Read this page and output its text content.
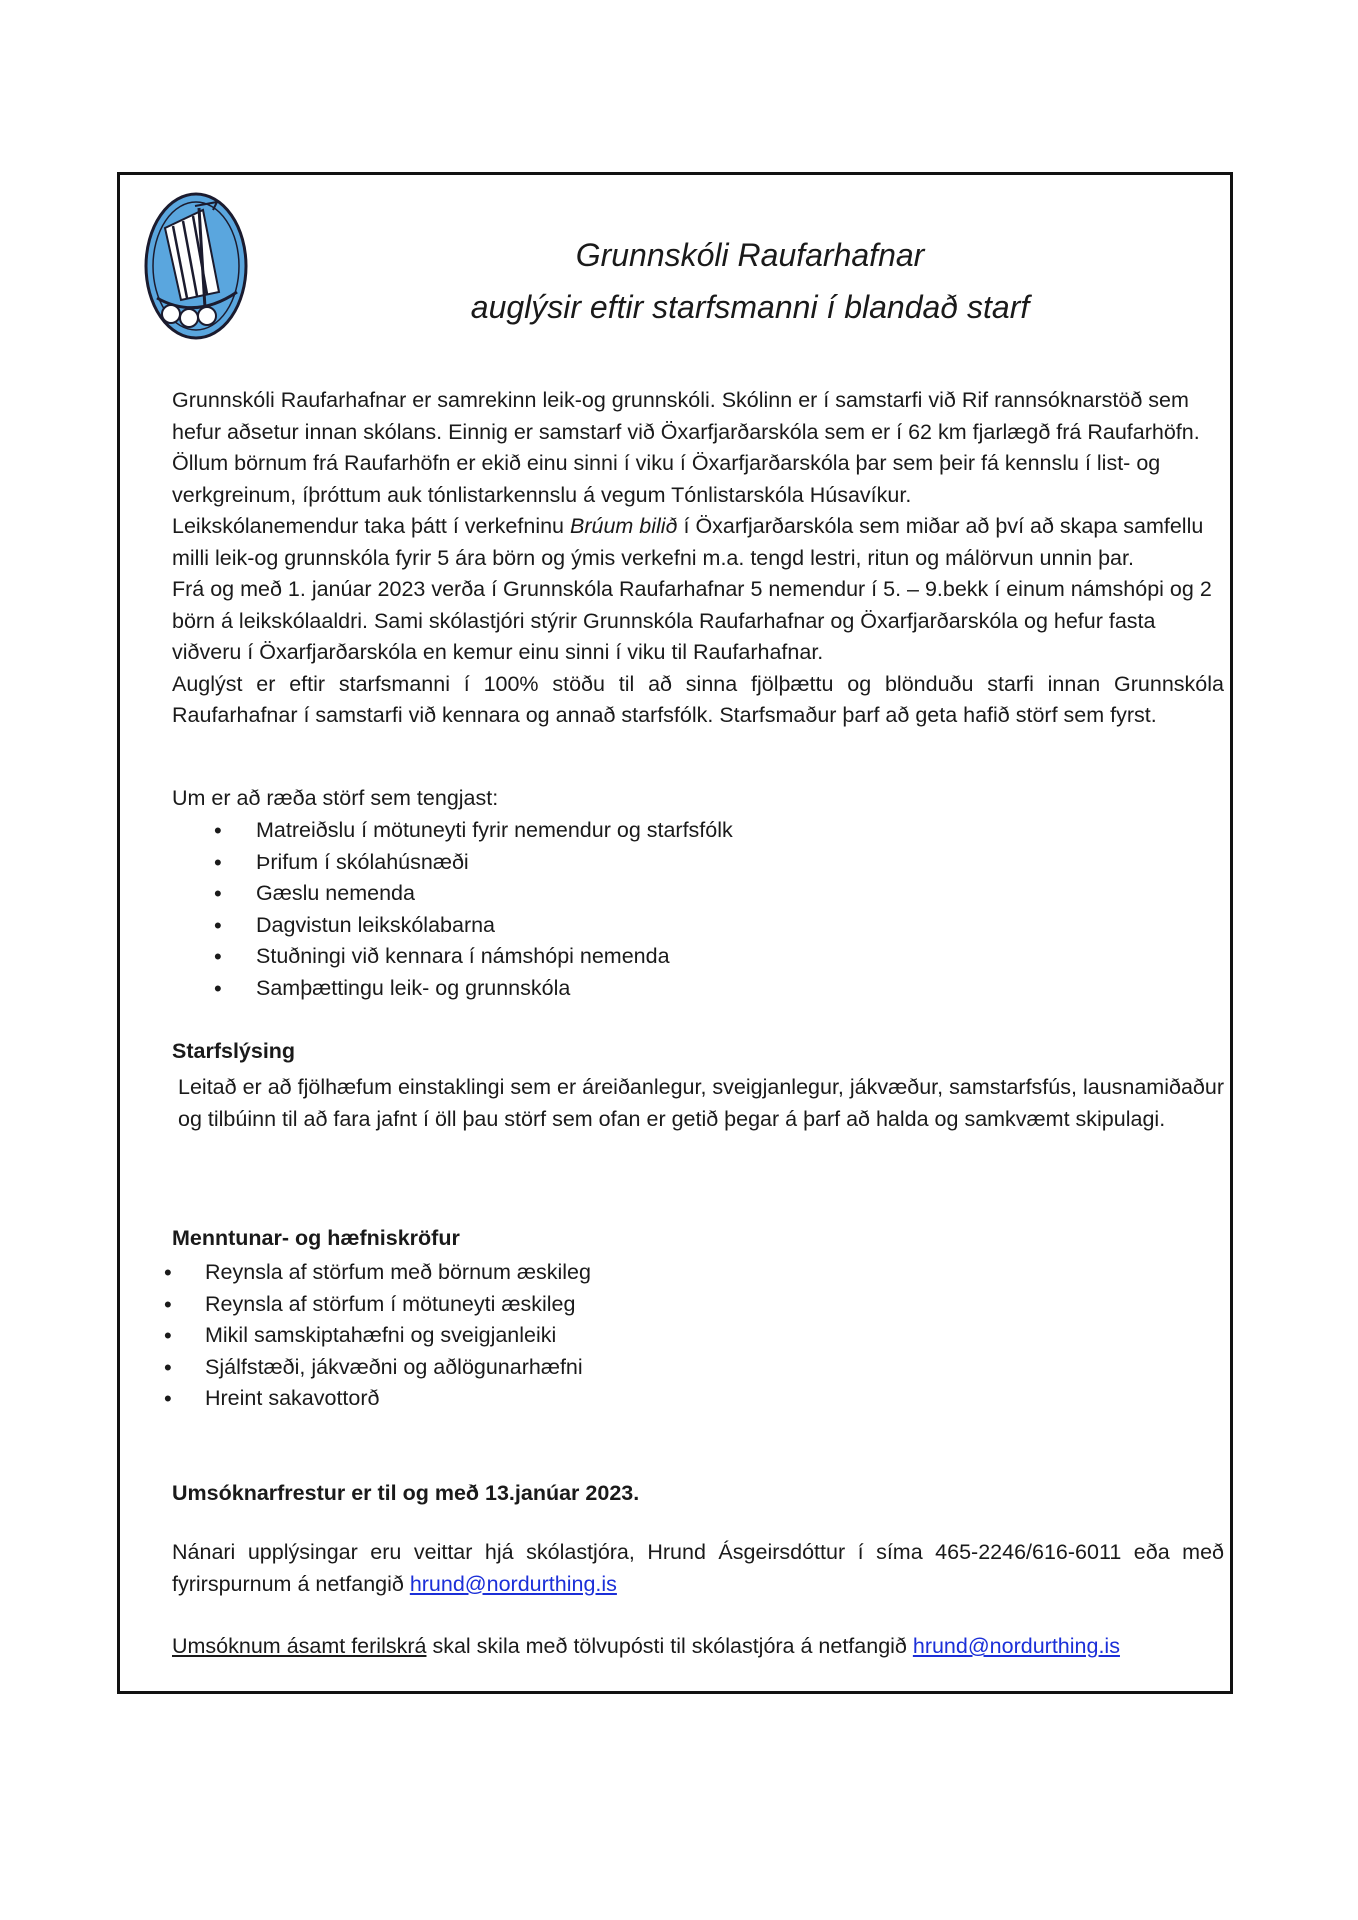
Grunnskóli Raufarhafnar
auglýsir eftir starfsmanni í blandað starf

Grunnskóli Raufarhafnar er samrekinn leik-og grunnskóli. Skólinn er í samstarfi við Rif rannsóknarstöð sem hefur aðsetur innan skólans. Einnig er samstarf við Öxarfjarðarskóla sem er í 62 km fjarlægð frá Raufarhöfn. Öllum börnum frá Raufarhöfn er ekið einu sinni í viku í Öxarfjarðarskóla þar sem þeir fá kennslu í list- og verkgreinum, íþróttum auk tónlistarkennslu á vegum Tónlistarskóla Húsavíkur.

Leikskólanemendur taka þátt í verkefninu Brúum bilið í Öxarfjarðarskóla sem miðar að því að skapa samfellu milli leik-og grunnskóla fyrir 5 ára börn og ýmis verkefni m.a. tengd lestri, ritun og málörvun unnin þar.

Frá og með 1. janúar 2023 verða í Grunnskóla Raufarhafnar 5 nemendur í 5. – 9.bekk í einum námshópi og 2 börn á leikskólaaldri. Sami skólastjóri stýrir Grunnskóla Raufarhafnar og Öxarfjarðarskóla og hefur fasta viðveru í Öxarfjarðarskóla en kemur einu sinni í viku til Raufarhafnar.

Auglýst er eftir starfsmanni í 100% stöðu til að sinna fjölþættu og blönduðu starfi innan Grunnskóla Raufarhafnar í samstarfi við kennara og annað starfsfólk. Starfsmaður þarf að geta hafið störf sem fyrst.

Um er að ræða störf sem tengjast:
• Matreiðslu í mötuneyti fyrir nemendur og starfsfólk
• Þrifum í skólahúsnæði
• Gæslu nemenda
• Dagvistun leikskólabarna
• Stuðningi við kennara í námshópi nemenda
• Samþættingu leik- og grunnskóla
Starfslýsing
Leitað er að fjölhæfum einstaklingi sem er áreiðanlegur, sveigjanlegur, jákvæður, samstarfsfús, lausnamiðaður og tilbúinn til að fara jafnt í öll þau störf sem ofan er getið þegar á þarf að halda og samkvæmt skipulagi.
Menntunar- og hæfniskröfur
• Reynsla af störfum með börnum æskileg
• Reynsla af störfum í mötuneyti æskileg
• Mikil samskiptahæfni og sveigjanleiki
• Sjálfstæði, jákvæðni og aðlögunarhæfni
• Hreint sakavottorð
Umsóknarfrestur er til og með 13.janúar 2023.
Nánari upplýsingar eru veittar hjá skólastjóra, Hrund Ásgeirsdóttur í síma 465-2246/616-6011 eða með fyrirspurnum á netfangið hrund@nordurthing.is
Umsóknum ásamt ferilskrá skal skila með tölvupósti til skólastjóra á netfangið hrund@nordurthing.is
